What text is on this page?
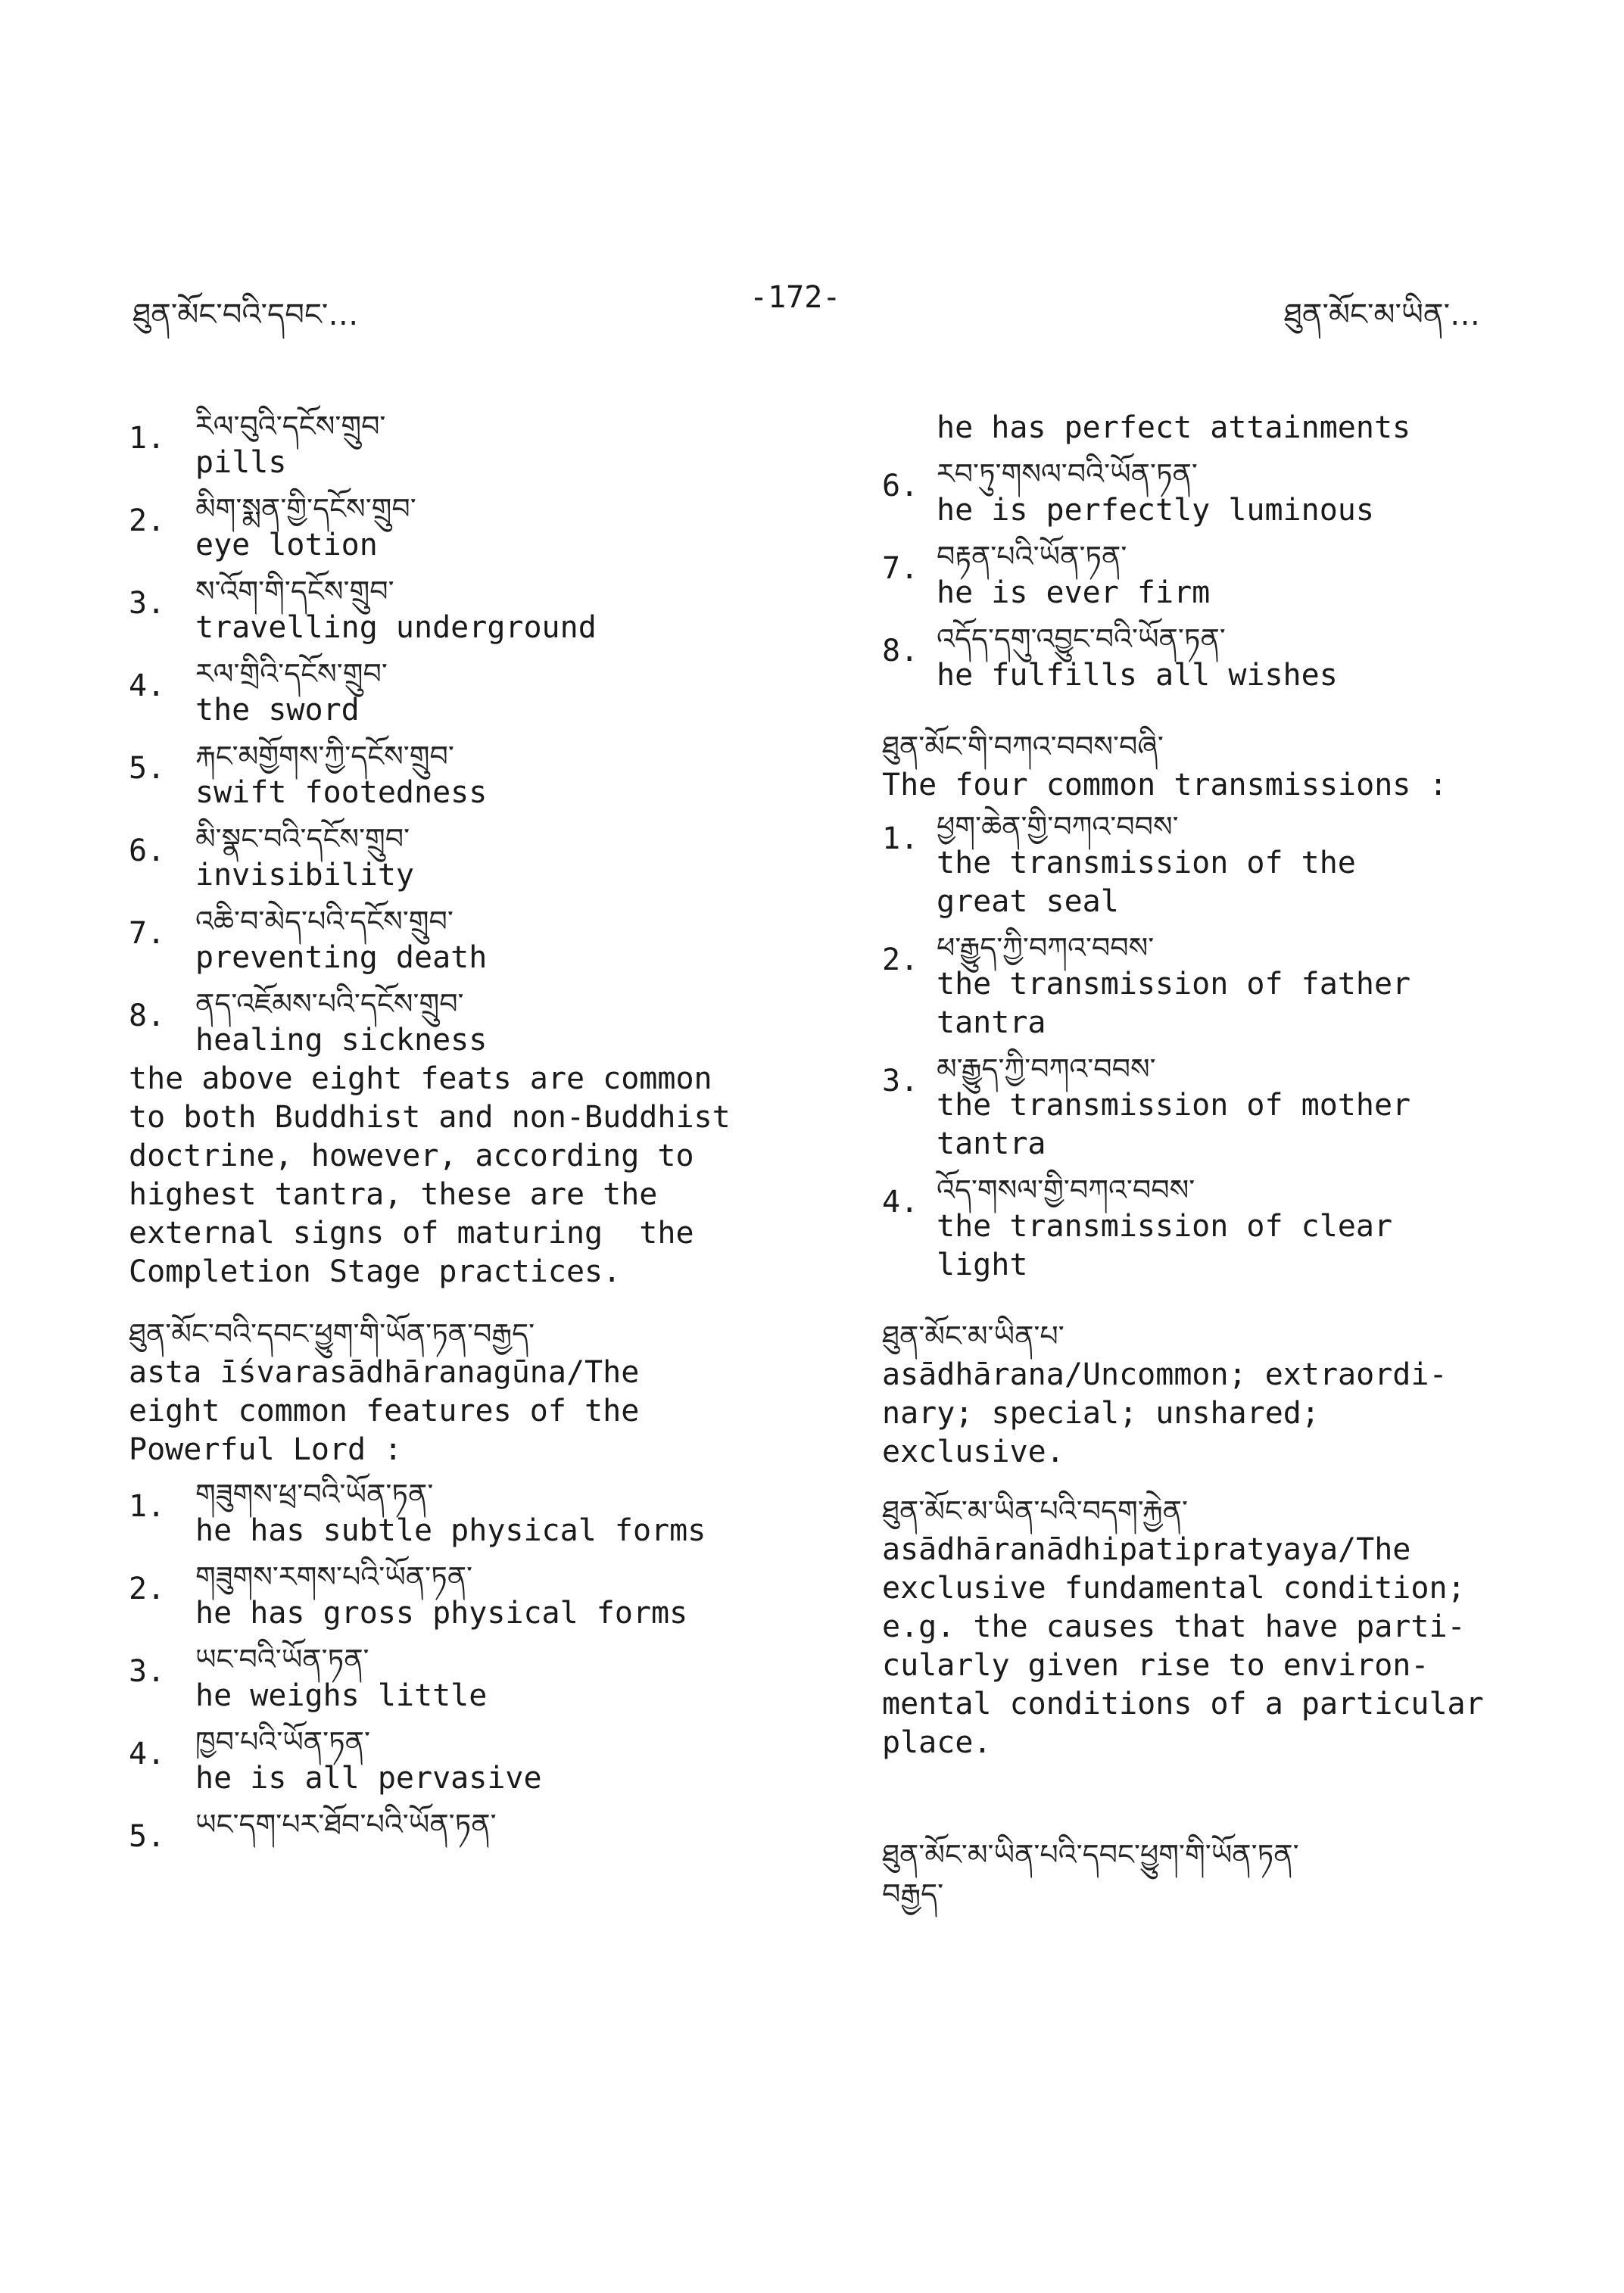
ཐུན་མོང་བའི་དབང་…	-172-	ཐུན་མོང་མ་ཡིན་…
1.	རིལ་བུའི་དངོས་གྲུབ་
pills
2.	མིག་སྨན་གྱི་དངོས་གྲུབ་
eye lotion
3.	ས་འོག་གི་དངོས་གྲུབ་
travelling underground
4.	རལ་གྲིའི་དངོས་གྲུབ་
the sword
5.	རྐང་མགྱོགས་ཀྱི་དངོས་གྲུབ་
swift footedness
6.	མི་སྣང་བའི་དངོས་གྲུབ་
invisibility
7.	འཆི་བ་མེད་པའི་དངོས་གྲུབ་
preventing death
8.	ནད་འཇོམས་པའི་དངོས་གྲུབ་
healing sickness
the above eight feats are common
to both Buddhist and non-Buddhist
doctrine, however, according to
highest tantra, these are the
external signs of maturing  the
Completion Stage practices.
ཐུན་མོང་བའི་དབང་ཕྱུག་གི་ཡོན་ཏན་བརྒྱད་
asta īśvarasādhāranagūna/The
eight common features of the
Powerful Lord :
1.	གཟུགས་ཕྲ་བའི་ཡོན་ཏན་
he has subtle physical forms
2.	གཟུགས་རགས་པའི་ཡོན་ཏན་
he has gross physical forms
3.	ཡང་བའི་ཡོན་ཏན་
he weighs little
4.	ཁྱབ་པའི་ཡོན་ཏན་
he is all pervasive
5.	ཡང་དག་པར་ཐོབ་པའི་ཡོན་ཏན་
he has perfect attainments
6. རབ་ཏུ་གསལ་བའི་ཡོན་ཏན་
he is perfectly luminous
7. བརྟན་པའི་ཡོན་ཏན་
he is ever firm
8. འདོད་དགུ་འབྱུང་བའི་ཡོན་ཏན་
he fulfills all wishes
ཐུན་མོང་གི་བཀའ་བབས་བཞི་
The four common transmissions :
1. ཕྱག་ཆེན་གྱི་བཀའ་བབས་
the transmission of the
great seal
2. ཕ་རྒྱུད་ཀྱི་བཀའ་བབས་
the transmission of father
tantra
3. མ་རྒྱུད་ཀྱི་བཀའ་བབས་
the transmission of mother
tantra
4. འོད་གསལ་གྱི་བཀའ་བབས་
the transmission of clear
light
ཐུན་མོང་མ་ཡིན་པ་
asādhārana/Uncommon; extraordi-
nary; special; unshared;
exclusive.
ཐུན་མོང་མ་ཡིན་པའི་བདག་རྐྱེན་
asādhāranādhipatipratyaya/The
exclusive fundamental condition;
e.g. the causes that have parti-
cularly given rise to environ-
mental conditions of a particular
place.
ཐུན་མོང་མ་ཡིན་པའི་དབང་ཕྱུག་གི་ཡོན་ཏན་
བརྒྱད་
